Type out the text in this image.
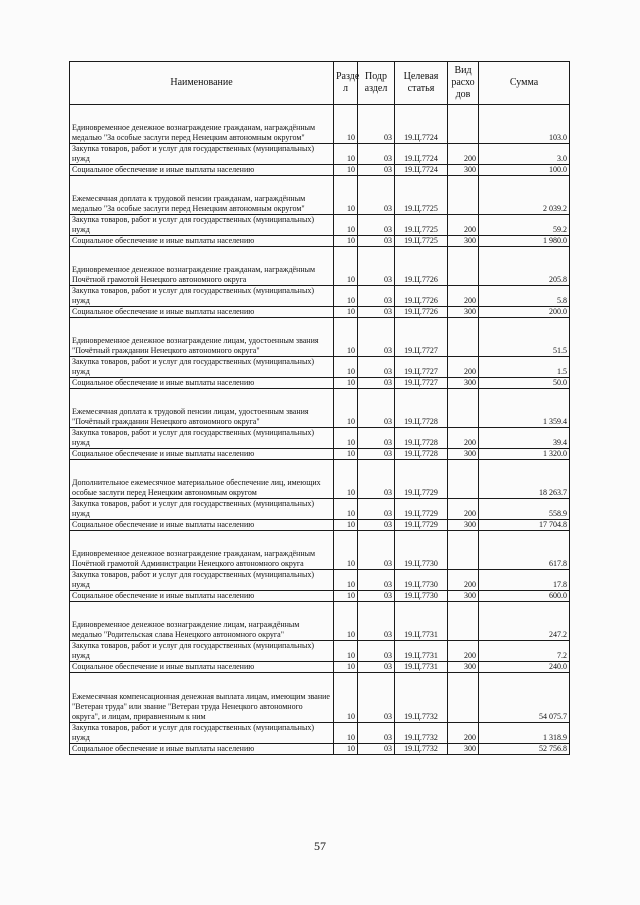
Наименование	Разде л	Подр аздел	Целевая статья	Вид расхо дов	Сумма
Единовременное денежное вознаграждение гражданам, награждённым медалью "За особые заслуги перед Ненецким автономным округом"	10	03	19.Ц.7724		103.0
Закупка товаров, работ и услуг для государственных (муниципальных) нужд	10	03	19.Ц.7724	200	3.0
Социальное обеспечение и иные выплаты населению	10	03	19.Ц.7724	300	100.0
Ежемесячная доплата к трудовой пенсии гражданам, награждённым медалью "За особые заслуги перед Ненецким автономным округом"	10	03	19.Ц.7725		2 039.2
Закупка товаров, работ и услуг для государственных (муниципальных) нужд	10	03	19.Ц.7725	200	59.2
Социальное обеспечение и иные выплаты населению	10	03	19.Ц.7725	300	1 980.0
Единовременное денежное вознаграждение гражданам, награждённым Почётной грамотой Ненецкого автономного округа	10	03	19.Ц.7726		205.8
Закупка товаров, работ и услуг для государственных (муниципальных) нужд	10	03	19.Ц.7726	200	5.8
Социальное обеспечение и иные выплаты населению	10	03	19.Ц.7726	300	200.0
Единовременное денежное вознаграждение лицам, удостоенным звания "Почётный гражданин Ненецкого автономного округа"	10	03	19.Ц.7727		51.5
Закупка товаров, работ и услуг для государственных (муниципальных) нужд	10	03	19.Ц.7727	200	1.5
Социальное обеспечение и иные выплаты населению	10	03	19.Ц.7727	300	50.0
Ежемесячная доплата к трудовой пенсии лицам, удостоенным звания "Почётный гражданин Ненецкого автономного округа"	10	03	19.Ц.7728		1 359.4
Закупка товаров, работ и услуг для государственных (муниципальных) нужд	10	03	19.Ц.7728	200	39.4
Социальное обеспечение и иные выплаты населению	10	03	19.Ц.7728	300	1 320.0
Дополнительное ежемесячное материальное обеспечение лиц, имеющих особые заслуги перед Ненецким автономным округом	10	03	19.Ц.7729		18 263.7
Закупка товаров, работ и услуг для государственных (муниципальных) нужд	10	03	19.Ц.7729	200	558.9
Социальное обеспечение и иные выплаты населению	10	03	19.Ц.7729	300	17 704.8
Единовременное денежное вознаграждение гражданам, награждённым Почётной грамотой Администрации Ненецкого автономного округа	10	03	19.Ц.7730		617.8
Закупка товаров, работ и услуг для государственных (муниципальных) нужд	10	03	19.Ц.7730	200	17.8
Социальное обеспечение и иные выплаты населению	10	03	19.Ц.7730	300	600.0
Единовременное денежное вознаграждение лицам, награждённым медалью "Родительская слава Ненецкого автономного округа"	10	03	19.Ц.7731		247.2
Закупка товаров, работ и услуг для государственных (муниципальных) нужд	10	03	19.Ц.7731	200	7.2
Социальное обеспечение и иные выплаты населению	10	03	19.Ц.7731	300	240.0
Ежемесячная компенсационная денежная выплата лицам, имеющим звание "Ветеран труда" или звание "Ветеран труда Ненецкого автономного округа", и лицам, приравненным к ним	10	03	19.Ц.7732		54 075.7
Закупка товаров, работ и услуг для государственных (муниципальных) нужд	10	03	19.Ц.7732	200	1 318.9
Социальное обеспечение и иные выплаты населению	10	03	19.Ц.7732	300	52 756.8
57
